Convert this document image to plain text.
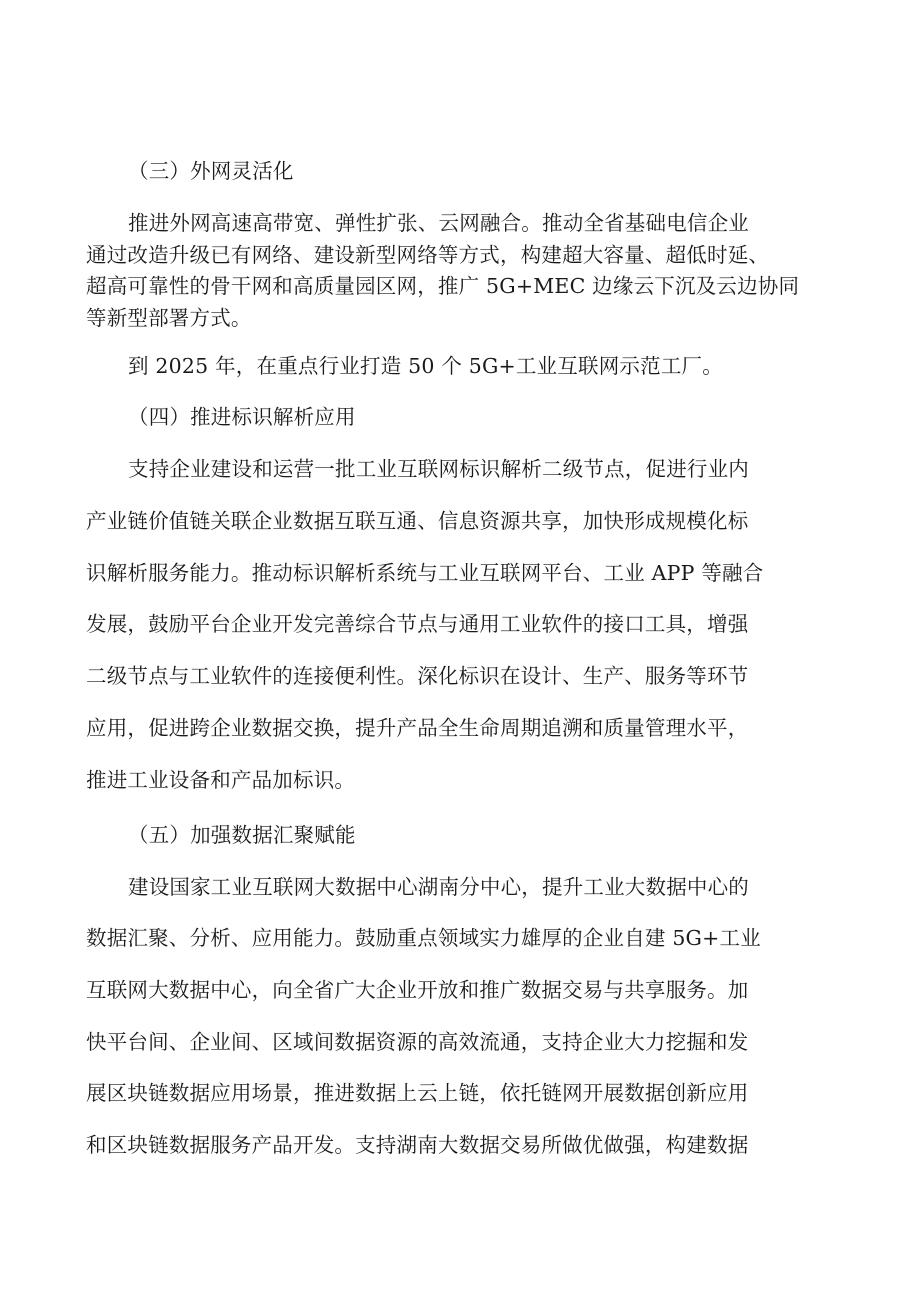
（三）外网灵活化
推进外网高速高带宽、弹性扩张、云网融合。推动全省基础电信企业
通过改造升级已有网络、建设新型网络等方式，构建超大容量、超低时延、
超高可靠性的骨干网和高质量园区网，推广 5G+MEC 边缘云下沉及云边协同
等新型部署方式。
到 2025 年，在重点行业打造 50 个 5G+工业互联网示范工厂。
（四）推进标识解析应用
支持企业建设和运营一批工业互联网标识解析二级节点，促进行业内
产业链价值链关联企业数据互联互通、信息资源共享，加快形成规模化标
识解析服务能力。推动标识解析系统与工业互联网平台、工业 APP 等融合
发展，鼓励平台企业开发完善综合节点与通用工业软件的接口工具，增强
二级节点与工业软件的连接便利性。深化标识在设计、生产、服务等环节
应用，促进跨企业数据交换，提升产品全生命周期追溯和质量管理水平，
推进工业设备和产品加标识。
（五）加强数据汇聚赋能
建设国家工业互联网大数据中心湖南分中心，提升工业大数据中心的
数据汇聚、分析、应用能力。鼓励重点领域实力雄厚的企业自建 5G+工业
互联网大数据中心，向全省广大企业开放和推广数据交易与共享服务。加
快平台间、企业间、区域间数据资源的高效流通，支持企业大力挖掘和发
展区块链数据应用场景，推进数据上云上链，依托链网开展数据创新应用
和区块链数据服务产品开发。支持湖南大数据交易所做优做强，构建数据
